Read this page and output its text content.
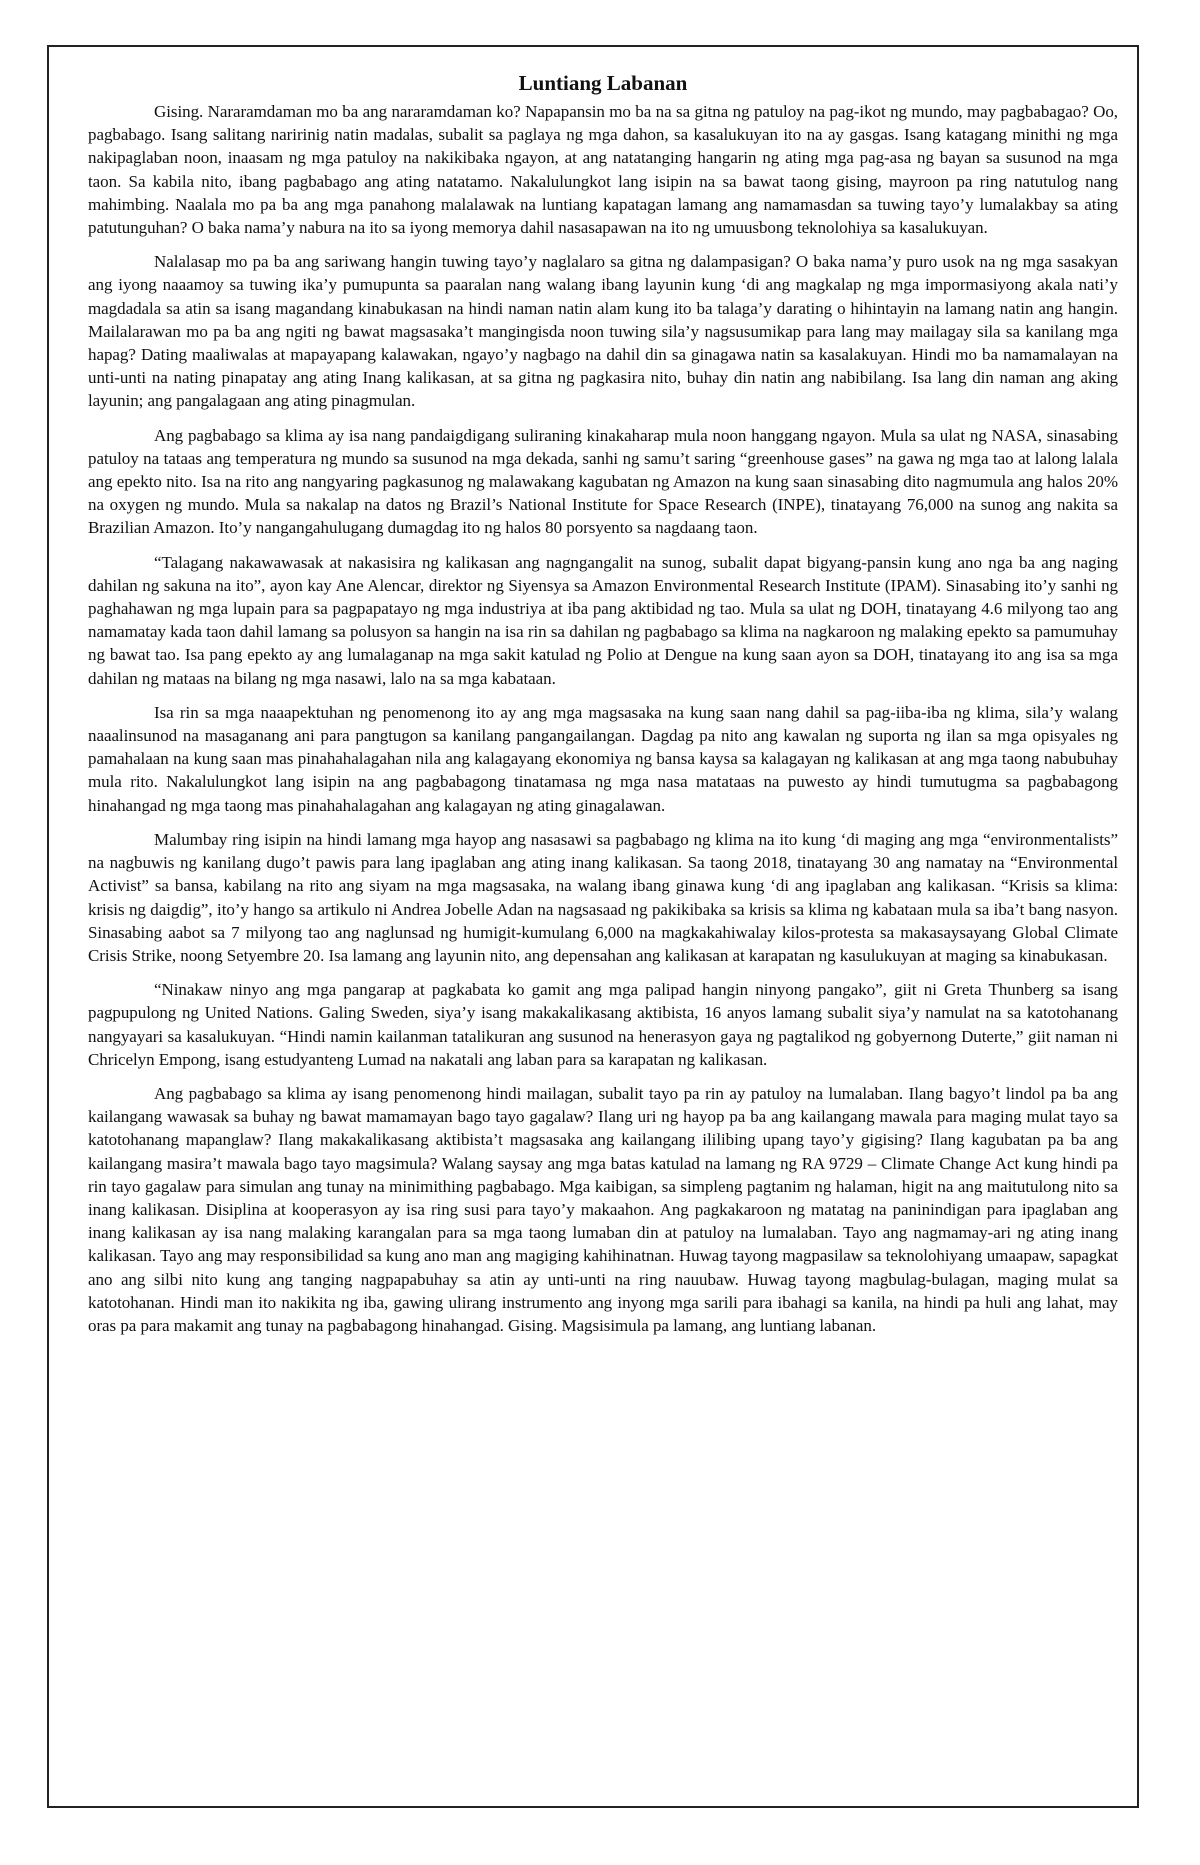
Luntiang Labanan

Gising. Nararamdaman mo ba ang nararamdaman ko? Napapansin mo ba na sa gitna ng patuloy na pag-ikot ng mundo, may pagbabagao? Oo, pagbabago. Isang salitang naririnig natin madalas, subalit sa paglaya ng mga dahon, sa kasalukuyan ito na ay gasgas. Isang katagang minithi ng mga nakipaglaban noon, inaasam ng mga patuloy na nakikibaka ngayon, at ang natatanging hangarin ng ating mga pag-asa ng bayan sa susunod na mga taon. Sa kabila nito, ibang pagbabago ang ating natatamo. Nakalulungkot lang isipin na sa bawat taong gising, mayroon pa ring natutulog nang mahimbing. Naalala mo pa ba ang mga panahong malalawak na luntiang kapatagan lamang ang namamasdan sa tuwing tayo’y lumalakbay sa ating patutunguhan? O baka nama’y nabura na ito sa iyong memorya dahil nasasapawan na ito ng umuusbong teknolohiya sa kasalukuyan.

Nalalasap mo pa ba ang sariwang hangin tuwing tayo’y naglalaro sa gitna ng dalampasigan? O baka nama’y puro usok na ng mga sasakyan ang iyong naaamoy sa tuwing ika’y pumupunta sa paaralan nang walang ibang layunin kung ‘di ang magkalap ng mga impormasiyong akala nati’y magdadala sa atin sa isang magandang kinabukasan na hindi naman natin alam kung ito ba talaga’y darating o hihintayin na lamang natin ang hangin. Mailalarawan mo pa ba ang ngiti ng bawat magsasaka’t mangingisda noon tuwing sila’y nagsusumikap para lang may mailagay sila sa kanilang mga hapag? Dating maaliwalas at mapayapang kalawakan, ngayo’y nagbago na dahil din sa ginagawa natin sa kasalakuyan. Hindi mo ba namamalayan na unti-unti na nating pinapatay ang ating Inang kalikasan, at sa gitna ng pagkasira nito, buhay din natin ang nabibilang. Isa lang din naman ang aking layunin; ang pangalagaan ang ating pinagmulan.

Ang pagbabago sa klima ay isa nang pandaigdigang suliraning kinakaharap mula noon hanggang ngayon. Mula sa ulat ng NASA, sinasabing patuloy na tataas ang temperatura ng mundo sa susunod na mga dekada, sanhi ng samu’t saring “greenhouse gases” na gawa ng mga tao at lalong lalala ang epekto nito. Isa na rito ang nangyaring pagkasunog ng malawakang kagubatan ng Amazon na kung saan sinasabing dito nagmumula ang halos 20% na oxygen ng mundo. Mula sa nakalap na datos ng Brazil’s National Institute for Space Research (INPE), tinatayang 76,000 na sunog ang nakita sa Brazilian Amazon. Ito’y nangangahulugang dumagdag ito ng halos 80 porsyento sa nagdaang taon.

“Talagang nakawawasak at nakasisira ng kalikasan ang nagngangalit na sunog, subalit dapat bigyang-pansin kung ano nga ba ang naging dahilan ng sakuna na ito”, ayon kay Ane Alencar, direktor ng Siyensya sa Amazon Environmental Research Institute (IPAM). Sinasabing ito’y sanhi ng paghahawan ng mga lupain para sa pagpapatayo ng mga industriya at iba pang aktibidad ng tao. Mula sa ulat ng DOH, tinatayang 4.6 milyong tao ang namamatay kada taon dahil lamang sa polusyon sa hangin na isa rin sa dahilan ng pagbabago sa klima na nagkaroon ng malaking epekto sa pamumuhay ng bawat tao. Isa pang epekto ay ang lumalaganap na mga sakit katulad ng Polio at Dengue na kung saan ayon sa DOH, tinatayang ito ang isa sa mga dahilan ng mataas na bilang ng mga nasawi, lalo na sa mga kabataan.

Isa rin sa mga naaapektuhan ng penomenong ito ay ang mga magsasaka na kung saan nang dahil sa pag-iiba-iba ng klima, sila’y walang naaalinsunod na masaganang ani para pangtugon sa kanilang pangangailangan. Dagdag pa nito ang kawalan ng suporta ng ilan sa mga opisyales ng pamahalaan na kung saan mas pinahahalagahan nila ang kalagayang ekonomiya ng bansa kaysa sa kalagayan ng kalikasan at ang mga taong nabubuhay mula rito. Nakalulungkot lang isipin na ang pagbabagong tinatamasa ng mga nasa matataas na puwesto ay hindi tumutugma sa pagbabagong hinahangad ng mga taong mas pinahahalagahan ang kalagayan ng ating ginagalawan.

Malumbay ring isipin na hindi lamang mga hayop ang nasasawi sa pagbabago ng klima na ito kung ‘di maging ang mga “environmentalists” na nagbuwis ng kanilang dugo’t pawis para lang ipaglaban ang ating inang kalikasan. Sa taong 2018, tinatayang 30 ang namatay na “Environmental Activist” sa bansa, kabilang na rito ang siyam na mga magsasaka, na walang ibang ginawa kung ‘di ang ipaglaban ang kalikasan. “Krisis sa klima: krisis ng daigdig”, ito’y hango sa artikulo ni Andrea Jobelle Adan na nagsasaad ng pakikibaka sa krisis sa klima ng kabataan mula sa iba’t bang nasyon. Sinasabing aabot sa 7 milyong tao ang naglunsad ng humigit-kumulang 6,000 na magkakahiwalay kilos-protesta sa makasaysayang Global Climate Crisis Strike, noong Setyembre 20. Isa lamang ang layunin nito, ang depensahan ang kalikasan at karapatan ng kasulukuyan at maging sa kinabukasan.

“Ninakaw ninyo ang mga pangarap at pagkabata ko gamit ang mga palipad hangin ninyong pangako”, giit ni Greta Thunberg sa isang pagpupulong ng United Nations. Galing Sweden, siya’y isang makakalikasang aktibista, 16 anyos lamang subalit siya’y namulat na sa katotohanang nangyayari sa kasalukuyan. “Hindi namin kailanman tatalikuran ang susunod na henerasyon gaya ng pagtalikod ng gobyernong Duterte,” giit naman ni Chricelyn Empong, isang estudyanteng Lumad na nakatali ang laban para sa karapatan ng kalikasan.

Ang pagbabago sa klima ay isang penomenong hindi mailagan, subalit tayo pa rin ay patuloy na lumalaban. Ilang bagyo’t lindol pa ba ang kailangang wawasak sa buhay ng bawat mamamayan bago tayo gagalaw? Ilang uri ng hayop pa ba ang kailangang mawala para maging mulat tayo sa katotohanang mapanglaw? Ilang makakalikasang aktibista’t magsasaka ang kailangang ililibing upang tayo’y gigising? Ilang kagubatan pa ba ang kailangang masira’t mawala bago tayo magsimula? Walang saysay ang mga batas katulad na lamang ng RA 9729 – Climate Change Act kung hindi pa rin tayo gagalaw para simulan ang tunay na minimithing pagbabago. Mga kaibigan, sa simpleng pagtanim ng halaman, higit na ang maitutulong nito sa inang kalikasan. Disiplina at kooperasyon ay isa ring susi para tayo’y makaahon. Ang pagkakaroon ng matatag na paninindigan para ipaglaban ang inang kalikasan ay isa nang malaking karangalan para sa mga taong lumaban din at patuloy na lumalaban. Tayo ang nagmamay-ari ng ating inang kalikasan. Tayo ang may responsibilidad sa kung ano man ang magiging kahihinatnan. Huwag tayong magpasilaw sa teknolohiyang umaapaw, sapagkat ano ang silbi nito kung ang tanging nagpapabuhay sa atin ay unti-unti na ring nauubaw. Huwag tayong magbulag-bulagan, maging mulat sa katotohanan. Hindi man ito nakikita ng iba, gawing ulirang instrumento ang inyong mga sarili para ibahagi sa kanila, na hindi pa huli ang lahat, may oras pa para makamit ang tunay na pagbabagong hinahangad. Gising. Magsisimula pa lamang, ang luntiang labanan.
